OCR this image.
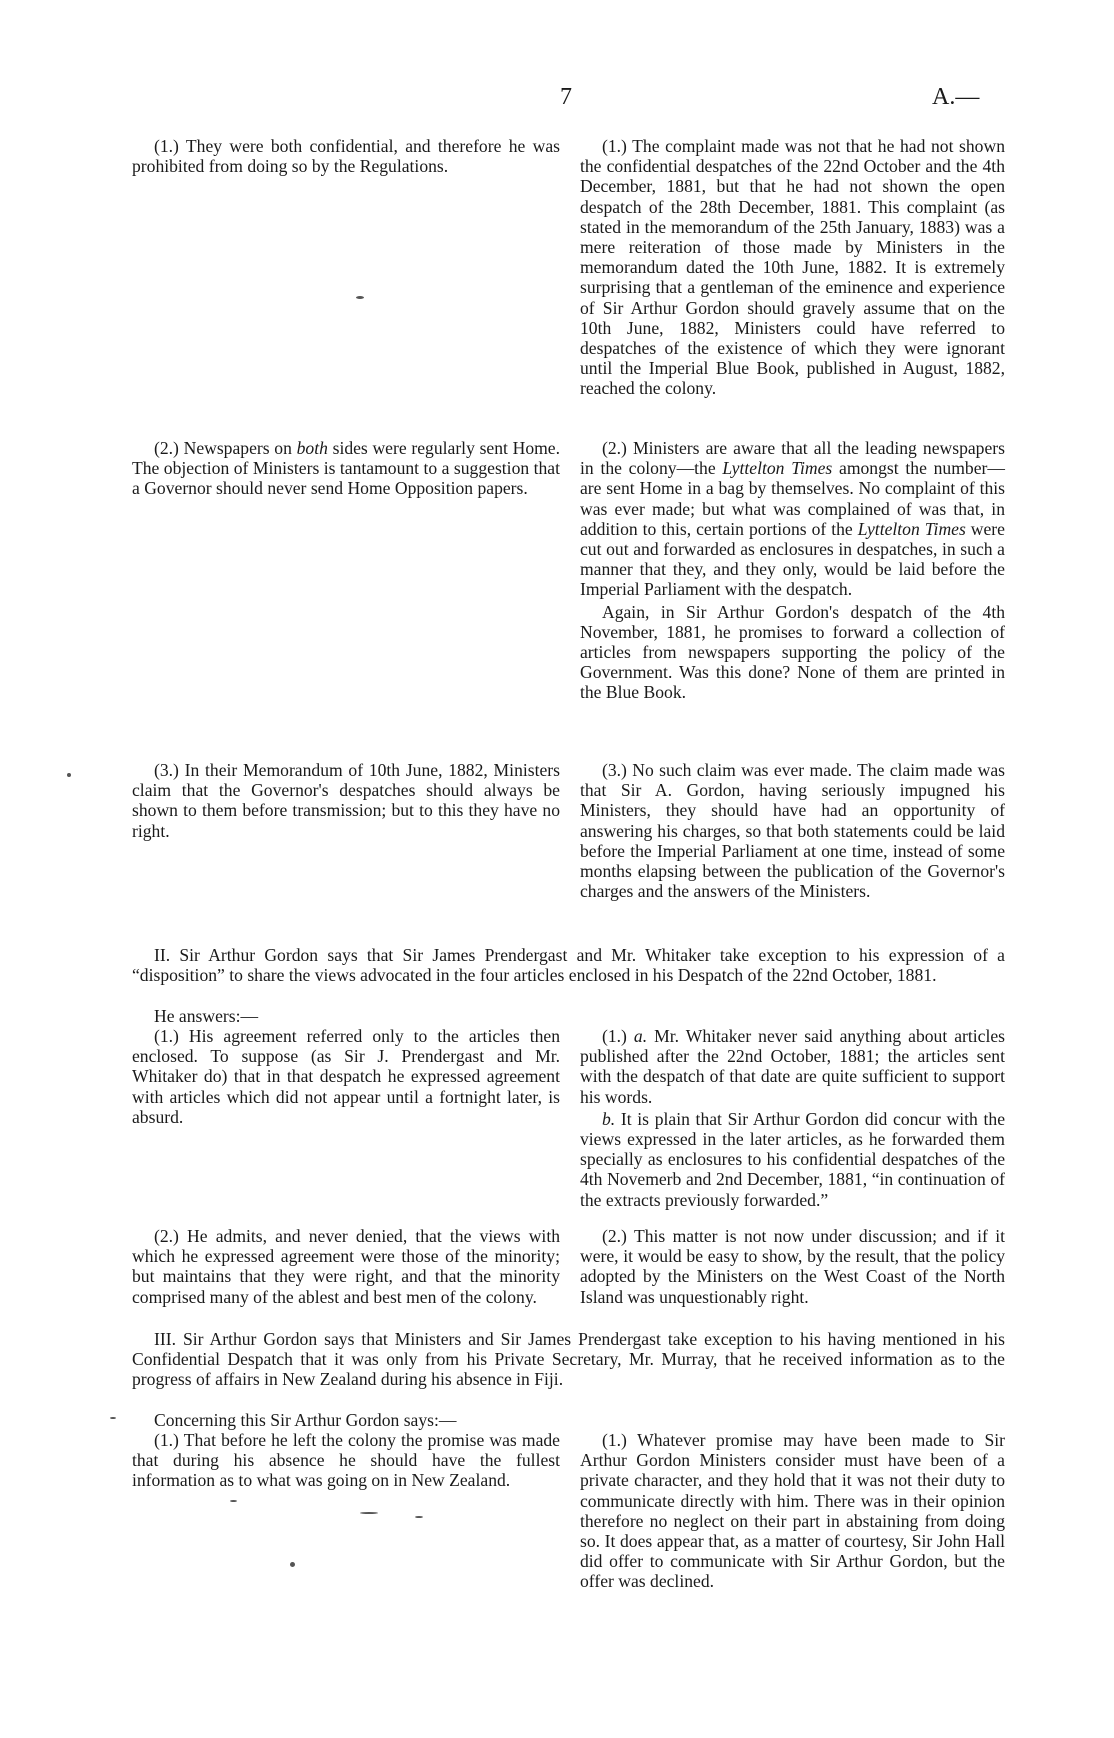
7	A.—

(1.) They were both confidential, and therefore he was prohibited from doing so by the Regulations.

(1.) The complaint made was not that he had not shown the confidential despatches of the 22nd October and the 4th December, 1881, but that he had not shown the open despatch of the 28th December, 1881. This complaint (as stated in the memorandum of the 25th January, 1883) was a mere reiteration of those made by Ministers in the memorandum dated the 10th June, 1882. It is extremely surprising that a gentleman of the eminence and experience of Sir Arthur Gordon should gravely assume that on the 10th June, 1882, Ministers could have referred to despatches of the existence of which they were ignorant until the Imperial Blue Book, published in August, 1882, reached the colony.

(2.) Newspapers on both sides were regularly sent Home. The objection of Ministers is tantamount to a suggestion that a Governor should never send Home Opposition papers.

(2.) Ministers are aware that all the leading newspapers in the colony—the Lyttelton Times amongst the number—are sent Home in a bag by themselves. No complaint of this was ever made; but what was complained of was that, in addition to this, certain portions of the Lyttelton Times were cut out and forwarded as enclosures in despatches, in such a manner that they, and they only, would be laid before the Imperial Parliament with the despatch.

Again, in Sir Arthur Gordon's despatch of the 4th November, 1881, he promises to forward a collection of articles from newspapers supporting the policy of the Government. Was this done? None of them are printed in the Blue Book.

(3.) In their Memorandum of 10th June, 1882, Ministers claim that the Governor's despatches should always be shown to them before transmission; but to this they have no right.

(3.) No such claim was ever made. The claim made was that Sir A. Gordon, having seriously impugned his Ministers, they should have had an opportunity of answering his charges, so that both statements could be laid before the Imperial Parliament at one time, instead of some months elapsing between the publication of the Governor's charges and the answers of the Ministers.

II. Sir Arthur Gordon says that Sir James Prendergast and Mr. Whitaker take exception to his expression of a “disposition” to share the views advocated in the four articles enclosed in his Despatch of the 22nd October, 1881.

He answers:—

(1.) His agreement referred only to the articles then enclosed. To suppose (as Sir J. Prendergast and Mr. Whitaker do) that in that despatch he expressed agreement with articles which did not appear until a fortnight later, is absurd.

(1.) a. Mr. Whitaker never said anything about articles published after the 22nd October, 1881; the articles sent with the despatch of that date are quite sufficient to support his words.

b. It is plain that Sir Arthur Gordon did concur with the views expressed in the later articles, as he forwarded them specially as enclosures to his confidential despatches of the 4th Novemerb and 2nd December, 1881, “in continuation of the extracts previously forwarded.”

(2.) He admits, and never denied, that the views with which he expressed agreement were those of the minority; but maintains that they were right, and that the minority comprised many of the ablest and best men of the colony.

(2.) This matter is not now under discussion; and if it were, it would be easy to show, by the result, that the policy adopted by the Ministers on the West Coast of the North Island was unquestionably right.

III. Sir Arthur Gordon says that Ministers and Sir James Prendergast take exception to his having mentioned in his Confidential Despatch that it was only from his Private Secretary, Mr. Murray, that he received information as to the progress of affairs in New Zealand during his absence in Fiji.

Concerning this Sir Arthur Gordon says:—

(1.) That before he left the colony the promise was made that during his absence he should have the fullest information as to what was going on in New Zealand.

(1.) Whatever promise may have been made to Sir Arthur Gordon Ministers consider must have been of a private character, and they hold that it was not their duty to communicate directly with him. There was in their opinion therefore no neglect on their part in abstaining from doing so. It does appear that, as a matter of courtesy, Sir John Hall did offer to communicate with Sir Arthur Gordon, but the offer was declined.
